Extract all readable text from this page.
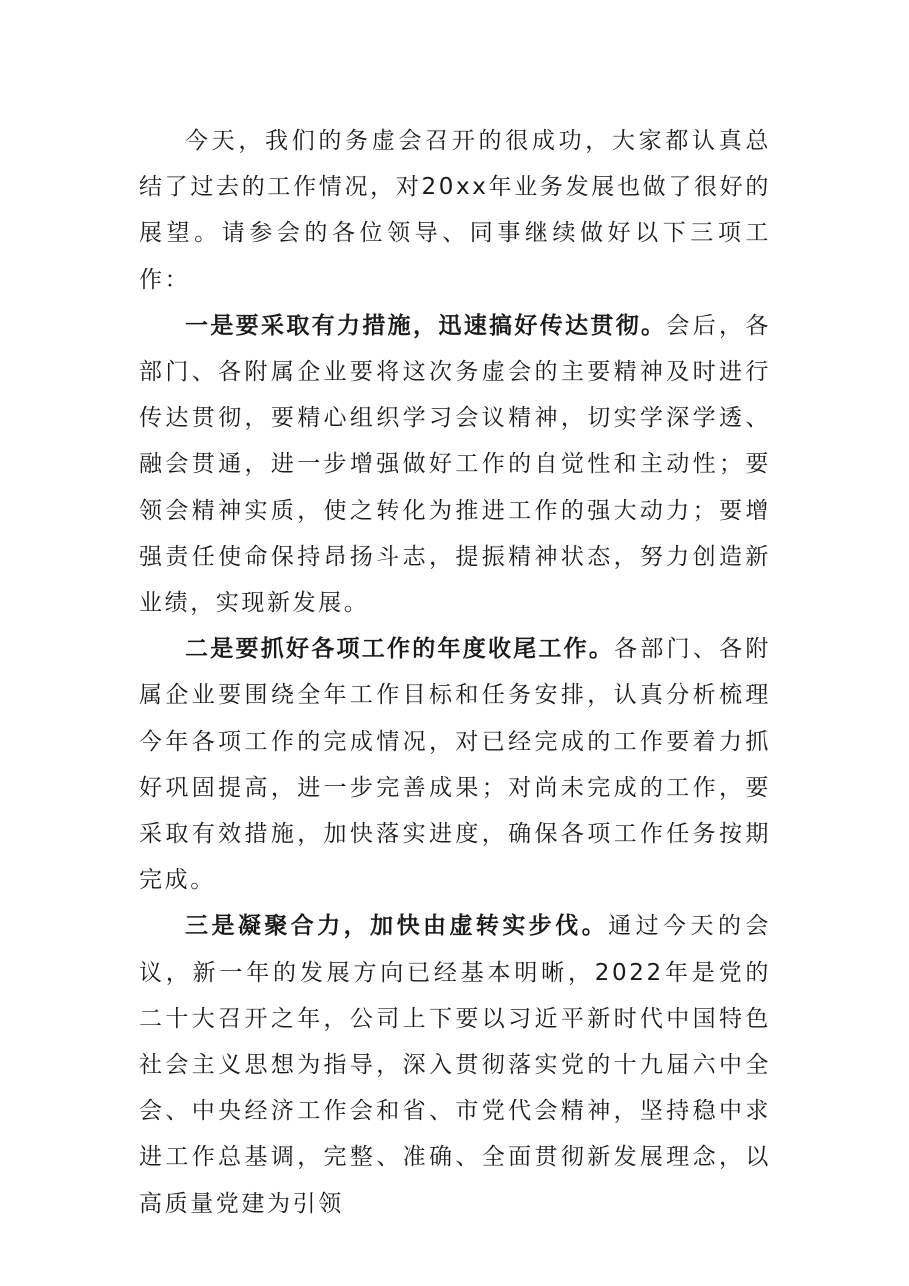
今天，我们的务虚会召开的很成功，大家都认真总结了过去的工作情况，对20xx年业务发展也做了很好的展望。请参会的各位领导、同事继续做好以下三项工作：

一是要采取有力措施，迅速搞好传达贯彻。会后，各部门、各附属企业要将这次务虚会的主要精神及时进行传达贯彻，要精心组织学习会议精神，切实学深学透、融会贯通，进一步增强做好工作的自觉性和主动性；要领会精神实质，使之转化为推进工作的强大动力；要增强责任使命保持昂扬斗志，提振精神状态，努力创造新业绩，实现新发展。

二是要抓好各项工作的年度收尾工作。各部门、各附属企业要围绕全年工作目标和任务安排，认真分析梳理今年各项工作的完成情况，对已经完成的工作要着力抓好巩固提高，进一步完善成果；对尚未完成的工作，要采取有效措施，加快落实进度，确保各项工作任务按期完成。

三是凝聚合力，加快由虚转实步伐。通过今天的会议，新一年的发展方向已经基本明晰，2022年是党的二十大召开之年，公司上下要以习近平新时代中国特色社会主义思想为指导，深入贯彻落实党的十九届六中全会、中央经济工作会和省、市党代会精神，坚持稳中求进工作总基调，完整、准确、全面贯彻新发展理念，以高质量党建为引领
